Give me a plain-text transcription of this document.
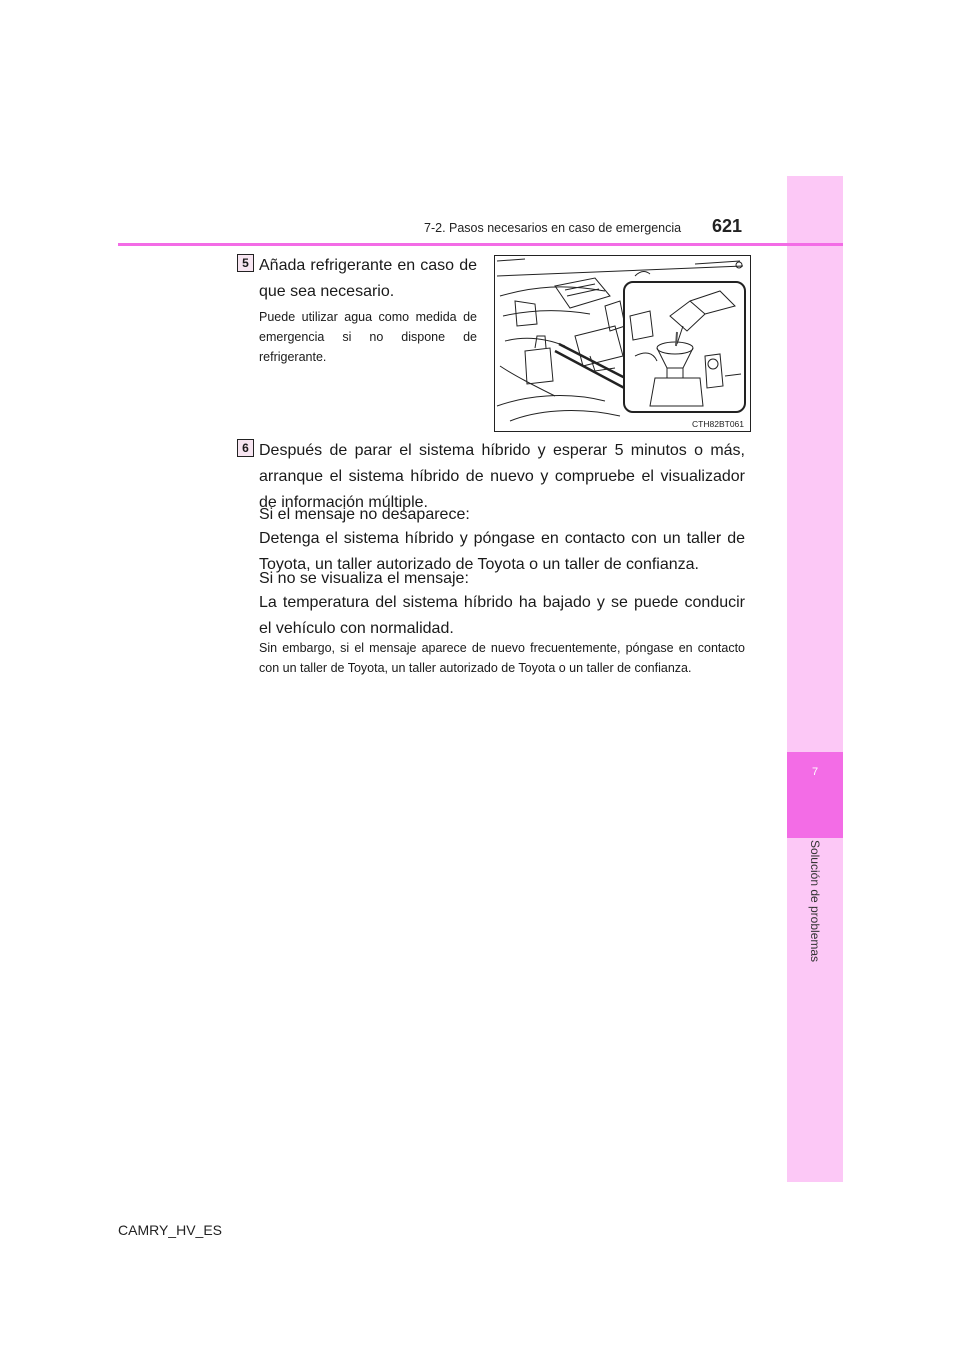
7
Solución de problemas
7-2. Pasos necesarios en caso de emergencia	621
5 Añada refrigerante en caso de que sea necesario.

Puede utilizar agua como medida de emergencia si no dispone de refrigerante.

CTH82BT061
6 Después de parar el sistema híbrido y esperar 5 minutos o más, arranque el sistema híbrido de nuevo y compruebe el visualizador de información múltiple.

Si el mensaje no desaparece:

Detenga el sistema híbrido y póngase en contacto con un taller de Toyota, un taller autorizado de Toyota o un taller de confianza.

Si no se visualiza el mensaje:

La temperatura del sistema híbrido ha bajado y se puede conducir el vehículo con normalidad.

Sin embargo, si el mensaje aparece de nuevo frecuentemente, póngase en contacto con un taller de Toyota, un taller autorizado de Toyota o un taller de confianza.

CAMRY_HV_ES
